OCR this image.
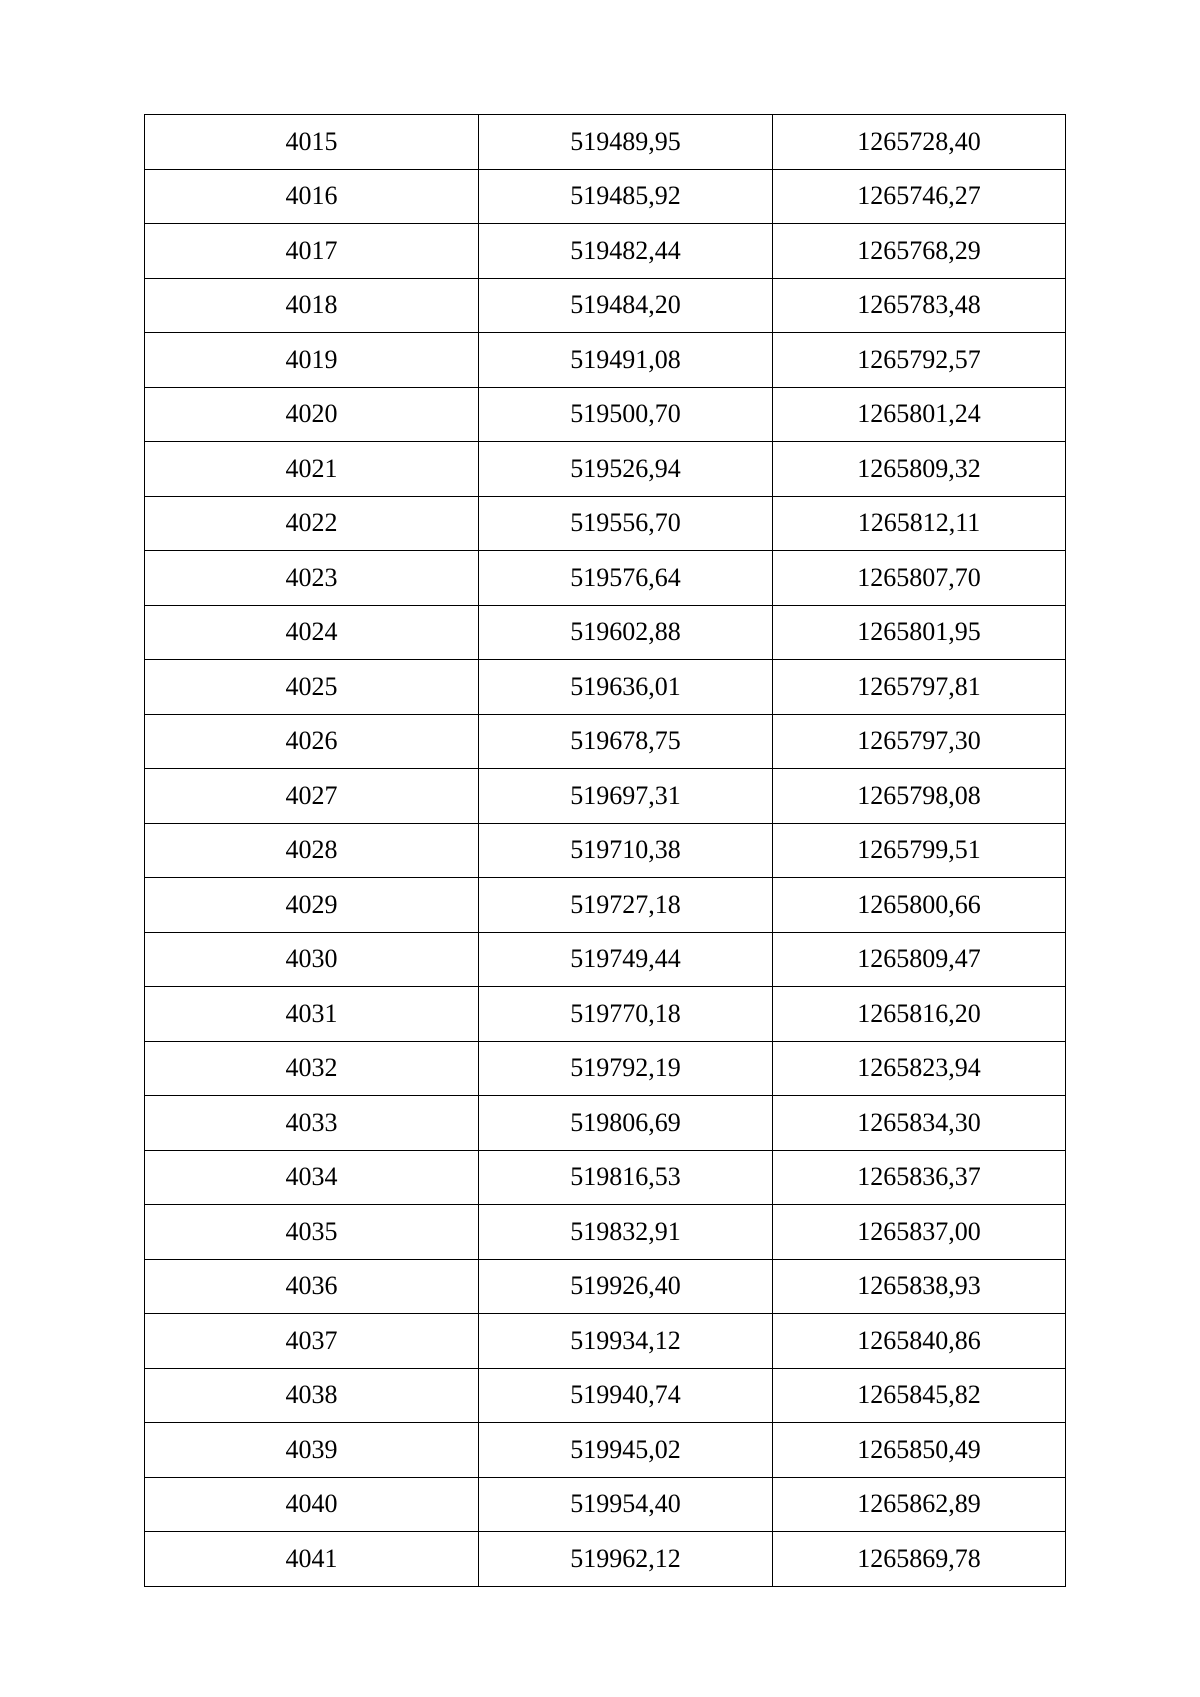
4015	519489,95	1265728,40
4016	519485,92	1265746,27
4017	519482,44	1265768,29
4018	519484,20	1265783,48
4019	519491,08	1265792,57
4020	519500,70	1265801,24
4021	519526,94	1265809,32
4022	519556,70	1265812,11
4023	519576,64	1265807,70
4024	519602,88	1265801,95
4025	519636,01	1265797,81
4026	519678,75	1265797,30
4027	519697,31	1265798,08
4028	519710,38	1265799,51
4029	519727,18	1265800,66
4030	519749,44	1265809,47
4031	519770,18	1265816,20
4032	519792,19	1265823,94
4033	519806,69	1265834,30
4034	519816,53	1265836,37
4035	519832,91	1265837,00
4036	519926,40	1265838,93
4037	519934,12	1265840,86
4038	519940,74	1265845,82
4039	519945,02	1265850,49
4040	519954,40	1265862,89
4041	519962,12	1265869,78
